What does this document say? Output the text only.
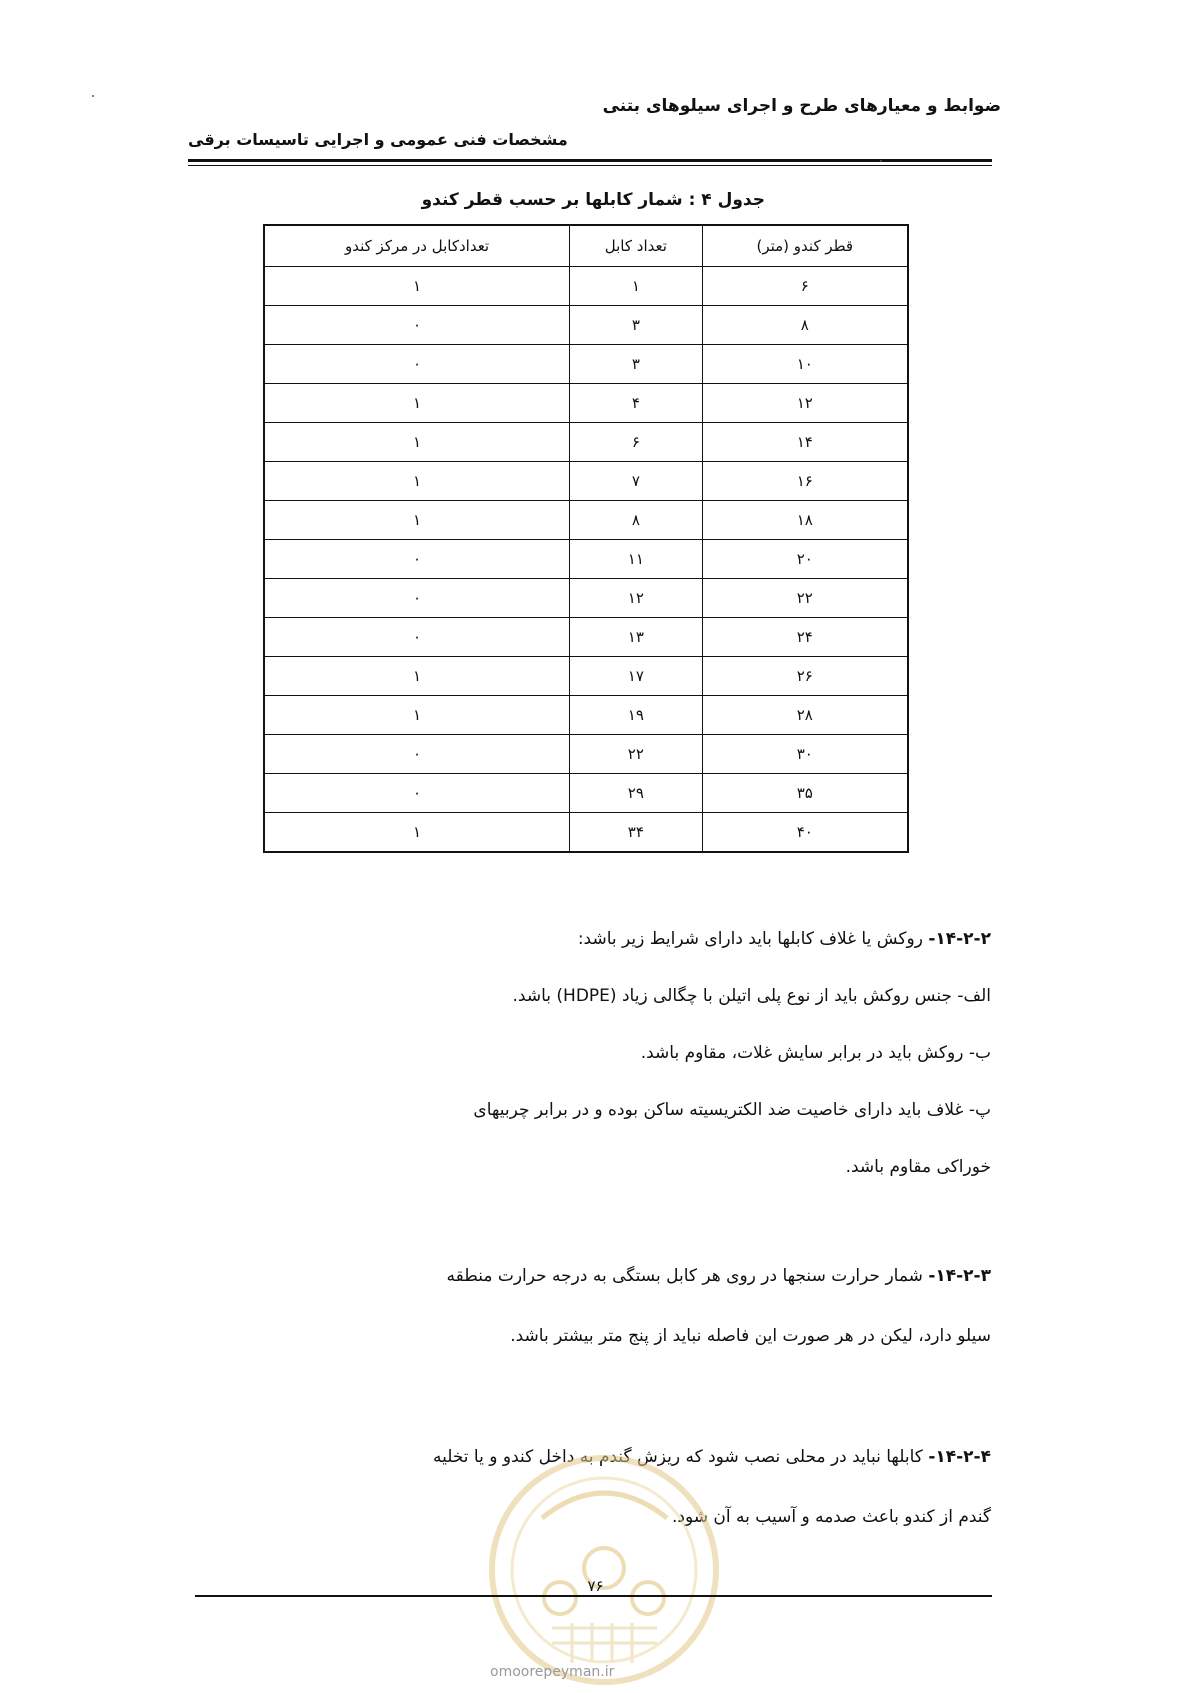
ضوابط و معیارهای طرح و اجرای سیلوهای بتنی
مشخصات فنی عمومی و اجرایی تاسیسات برقی

جدول ۴ : شمار کابلها بر حسب قطر کندو

قطر کندو (متر)	تعداد کابل	تعدادکابل در مرکز کندو
۶	۱	۱
۸	۳	۰
۱۰	۳	۰
۱۲	۴	۱
۱۴	۶	۱
۱۶	۷	۱
۱۸	۸	۱
۲۰	۱۱	۰
۲۲	۱۲	۰
۲۴	۱۳	۰
۲۶	۱۷	۱
۲۸	۱۹	۱
۳۰	۲۲	۰
۳۵	۲۹	۰
۴۰	۳۴	۱

۱۴-۲-۲- روکش یا غلاف کابلها باید دارای شرایط زیر باشد:

الف- جنس روکش باید از نوع پلی اتیلن با چگالی زیاد (HDPE) باشد.

ب- روکش باید در برابر سایش غلات، مقاوم باشد.

پ- غلاف باید دارای خاصیت ضد الکتریسیته ساکن بوده و در برابر چربیهای

خوراکی مقاوم باشد.

۱۴-۲-۳- شمار حرارت سنجها در روی هر کابل بستگی به درجه حرارت منطقه

سیلو دارد، لیکن در هر صورت این فاصله نباید از پنج متر بیشتر باشد.

۱۴-۲-۴- کابلها نباید در محلی نصب شود که ریزش گندم به داخل کندو و یا تخلیه

گندم از کندو باعث صدمه و آسیب به آن شود.

۷۶
omoorepeyman.ir
